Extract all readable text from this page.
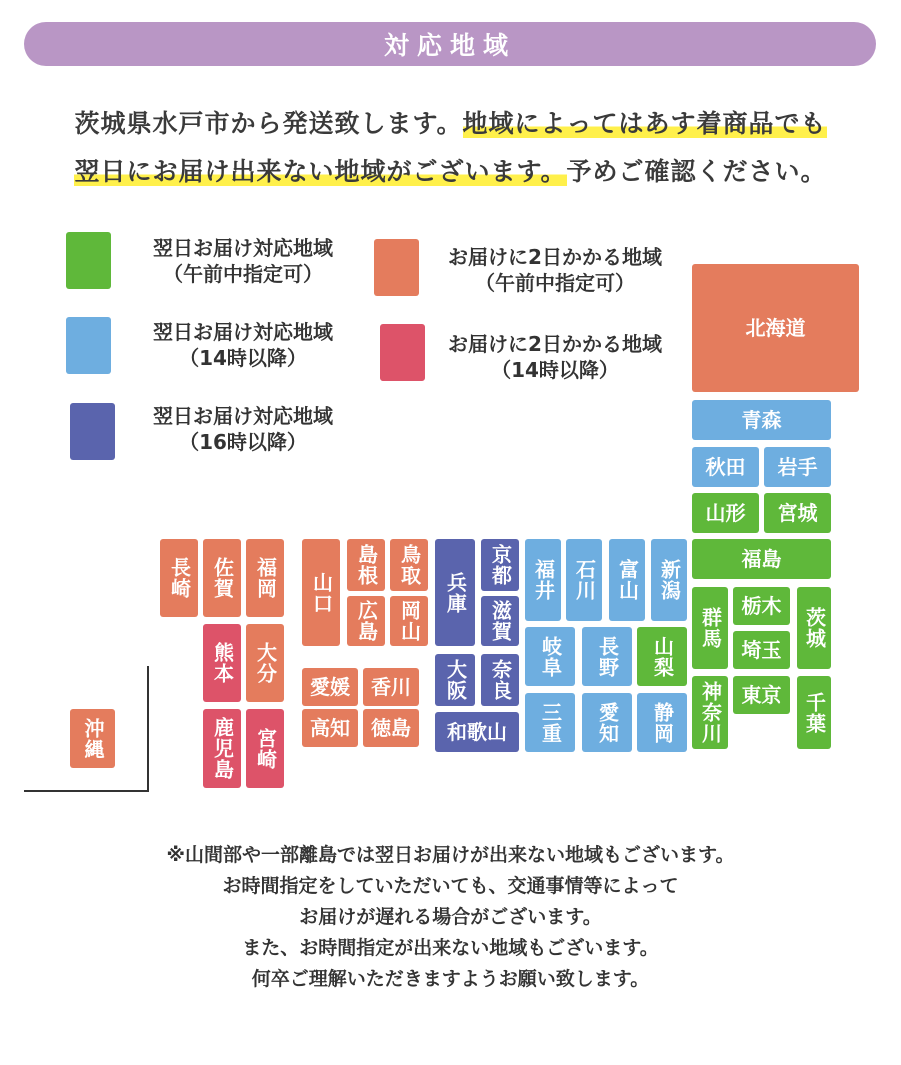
対応地域
茨城県水戸市から発送致します。地域によってはあす着商品でも
翌日にお届け出来ない地域がございます。予めご確認ください。
翌日お届け対応地域
（午前中指定可）
翌日お届け対応地域
（14時以降）
翌日お届け対応地域
（16時以降）
お届けに2日かかる地域
（午前中指定可）
お届けに2日かかる地域
（14時以降）
北海道
青森
秋田 岩手
山形 宮城
福島
群馬
栃木
茨城
埼玉
神奈川 東京 千葉
福井 石川 富山 新潟
岐阜 長野 山梨
三重 愛知 静岡
兵庫
京都
滋賀
大阪 奈良
和歌山
山口
島根 鳥取
広島 岡山
愛媛 香川
高知 徳島
長崎 佐賀 福岡
熊本 大分
鹿児島 宮崎
沖縄
※山間部や一部離島では翌日お届けが出来ない地域もございます。
お時間指定をしていただいても、交通事情等によって
お届けが遅れる場合がございます。
また、お時間指定が出来ない地域もございます。
何卒ご理解いただきますようお願い致します。
